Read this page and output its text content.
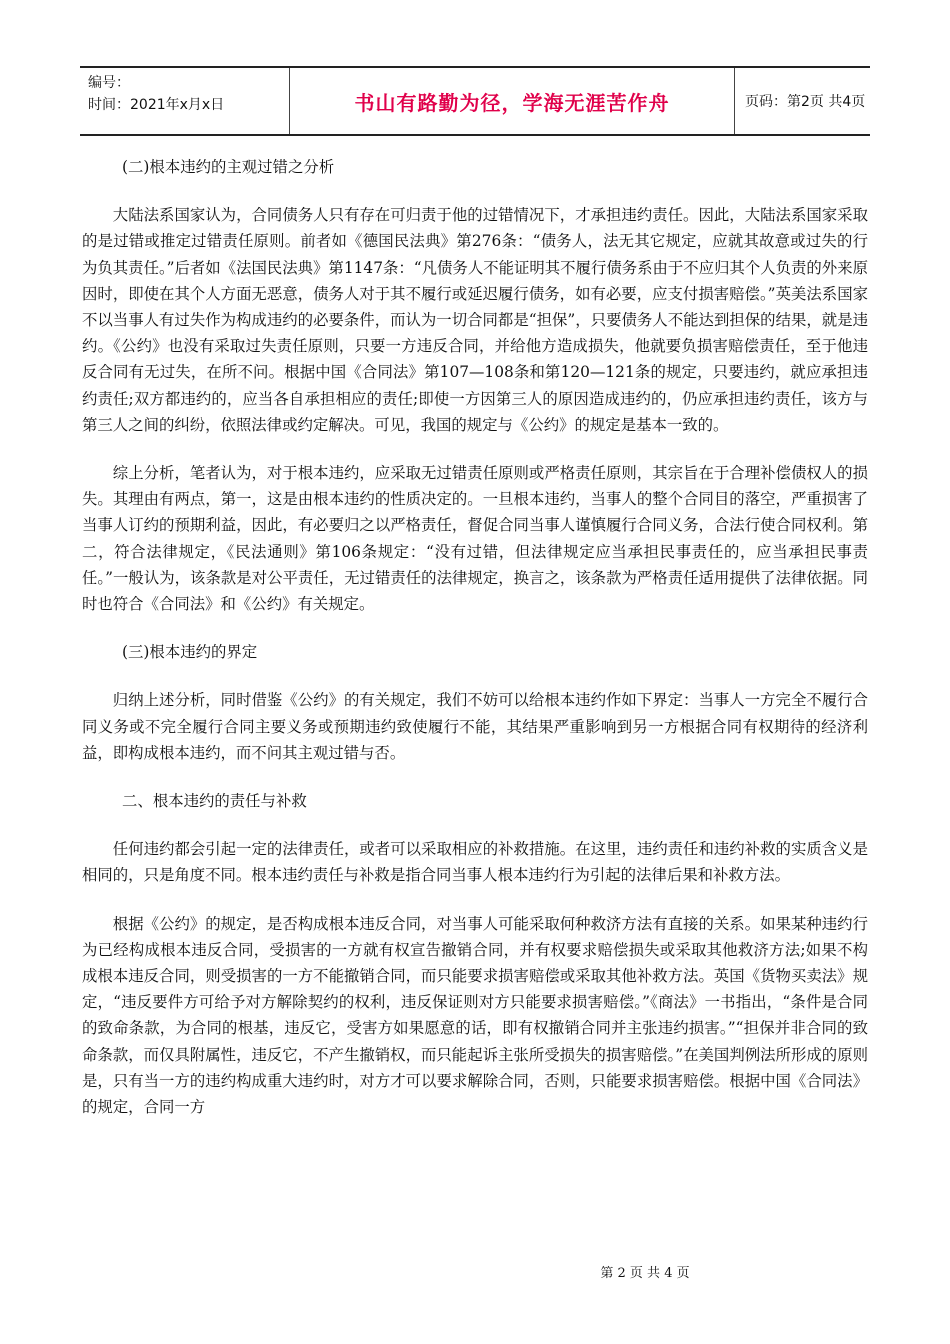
编号：
时间：2021年x月x日	书山有路勤为径，学海无涯苦作舟	页码：第2页 共4页

(二)根本违约的主观过错之分析

大陆法系国家认为，合同债务人只有存在可归责于他的过错情况下，才承担违约责任。因此，大陆法系国家采取的是过错或推定过错责任原则。前者如《德国民法典》第276条：“债务人，法无其它规定，应就其故意或过失的行为负其责任。”后者如《法国民法典》第1147条：“凡债务人不能证明其不履行债务系由于不应归其个人负责的外来原因时，即使在其个人方面无恶意，债务人对于其不履行或延迟履行债务，如有必要，应支付损害赔偿。”英美法系国家不以当事人有过失作为构成违约的必要条件，而认为一切合同都是“担保”，只要债务人不能达到担保的结果，就是违约。《公约》也没有采取过失责任原则，只要一方违反合同，并给他方造成损失，他就要负损害赔偿责任，至于他违反合同有无过失，在所不问。根据中国《合同法》第107—108条和第120—121条的规定，只要违约，就应承担违约责任;双方都违约的，应当各自承担相应的责任;即使一方因第三人的原因造成违约的，仍应承担违约责任，该方与第三人之间的纠纷，依照法律或约定解决。可见，我国的规定与《公约》的规定是基本一致的。

综上分析，笔者认为，对于根本违约，应采取无过错责任原则或严格责任原则，其宗旨在于合理补偿债权人的损失。其理由有两点，第一，这是由根本违约的性质决定的。一旦根本违约，当事人的整个合同目的落空，严重损害了当事人订约的预期利益，因此，有必要归之以严格责任，督促合同当事人谨慎履行合同义务，合法行使合同权利。第二，符合法律规定，《民法通则》第106条规定：“没有过错，但法律规定应当承担民事责任的，应当承担民事责任。”一般认为，该条款是对公平责任，无过错责任的法律规定，换言之，该条款为严格责任适用提供了法律依据。同时也符合《合同法》和《公约》有关规定。

(三)根本违约的界定

归纳上述分析，同时借鉴《公约》的有关规定，我们不妨可以给根本违约作如下界定：当事人一方完全不履行合同义务或不完全履行合同主要义务或预期违约致使履行不能，其结果严重影响到另一方根据合同有权期待的经济利益，即构成根本违约，而不问其主观过错与否。

二、根本违约的责任与补救

任何违约都会引起一定的法律责任，或者可以采取相应的补救措施。在这里，违约责任和违约补救的实质含义是相同的，只是角度不同。根本违约责任与补救是指合同当事人根本违约行为引起的法律后果和补救方法。

根据《公约》的规定，是否构成根本违反合同，对当事人可能采取何种救济方法有直接的关系。如果某种违约行为已经构成根本违反合同，受损害的一方就有权宣告撤销合同，并有权要求赔偿损失或采取其他救济方法;如果不构成根本违反合同，则受损害的一方不能撤销合同，而只能要求损害赔偿或采取其他补救方法。英国《货物买卖法》规定，“违反要件方可给予对方解除契约的权利，违反保证则对方只能要求损害赔偿。”《商法》一书指出，“条件是合同的致命条款，为合同的根基，违反它，受害方如果愿意的话，即有权撤销合同并主张违约损害。”“担保并非合同的致命条款，而仅具附属性，违反它，不产生撤销权，而只能起诉主张所受损失的损害赔偿。”在美国判例法所形成的原则是，只有当一方的违约构成重大违约时，对方才可以要求解除合同，否则，只能要求损害赔偿。根据中国《合同法》的规定，合同一方

第 2 页 共 4 页
